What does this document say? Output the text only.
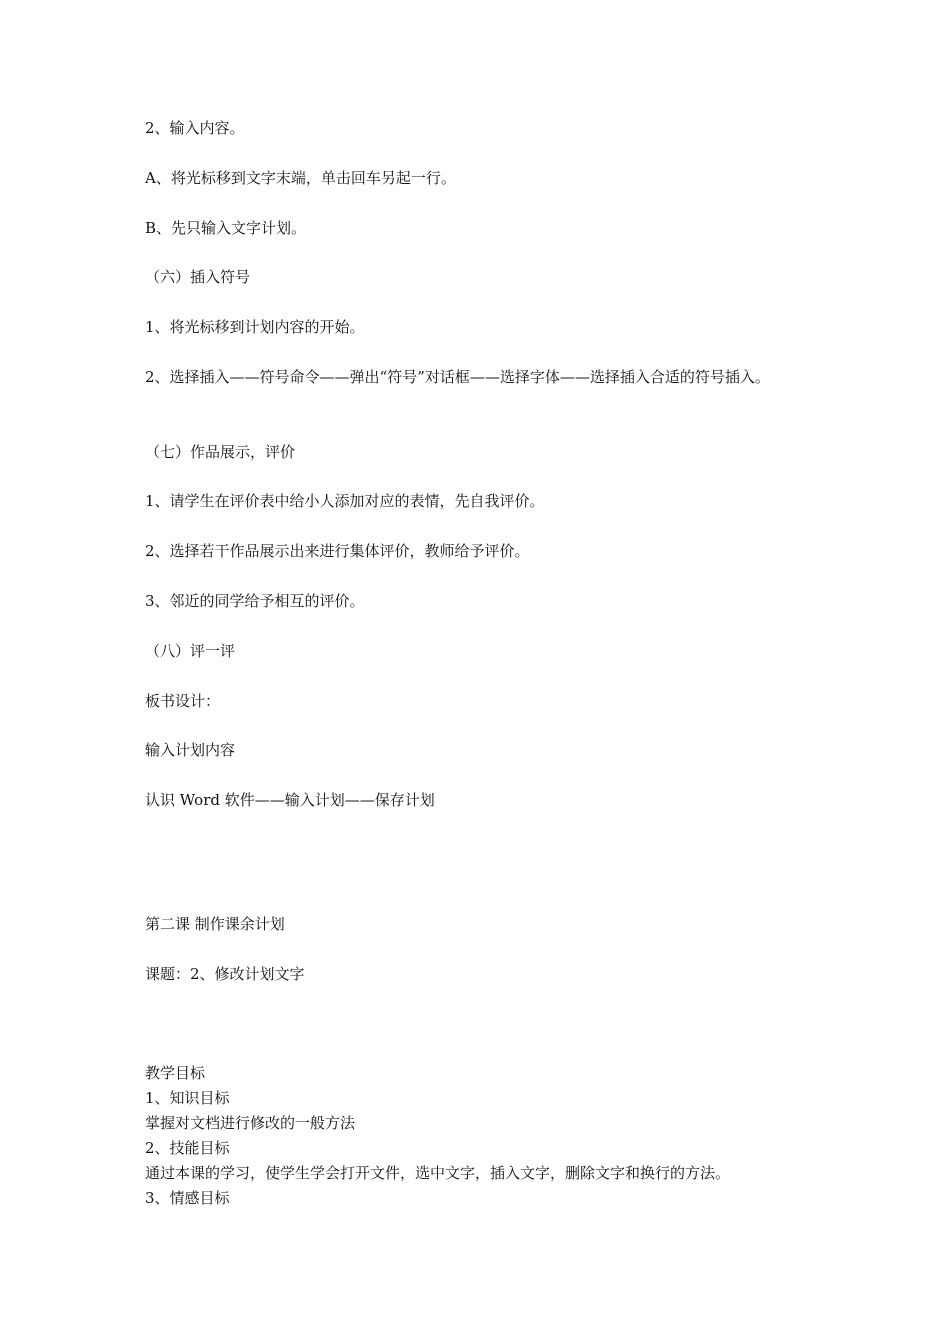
2、输入内容。
A、将光标移到文字末端，单击回车另起一行。
B、先只输入文字计划。
（六）插入符号
1、将光标移到计划内容的开始。
2、选择插入——符号命令——弹出“符号”对话框——选择字体——选择插入合适的符号插入。
（七）作品展示，评价
1、请学生在评价表中给小人添加对应的表情，先自我评价。
2、选择若干作品展示出来进行集体评价，教师给予评价。
3、邻近的同学给予相互的评价。
（八）评一评
板书设计：
输入计划内容
认识 Word 软件——输入计划——保存计划
第二课 制作课余计划
课题：2、修改计划文字
教学目标
1、知识目标
掌握对文档进行修改的一般方法
2、技能目标
通过本课的学习，使学生学会打开文件，选中文字，插入文字，删除文字和换行的方法。
3、情感目标
